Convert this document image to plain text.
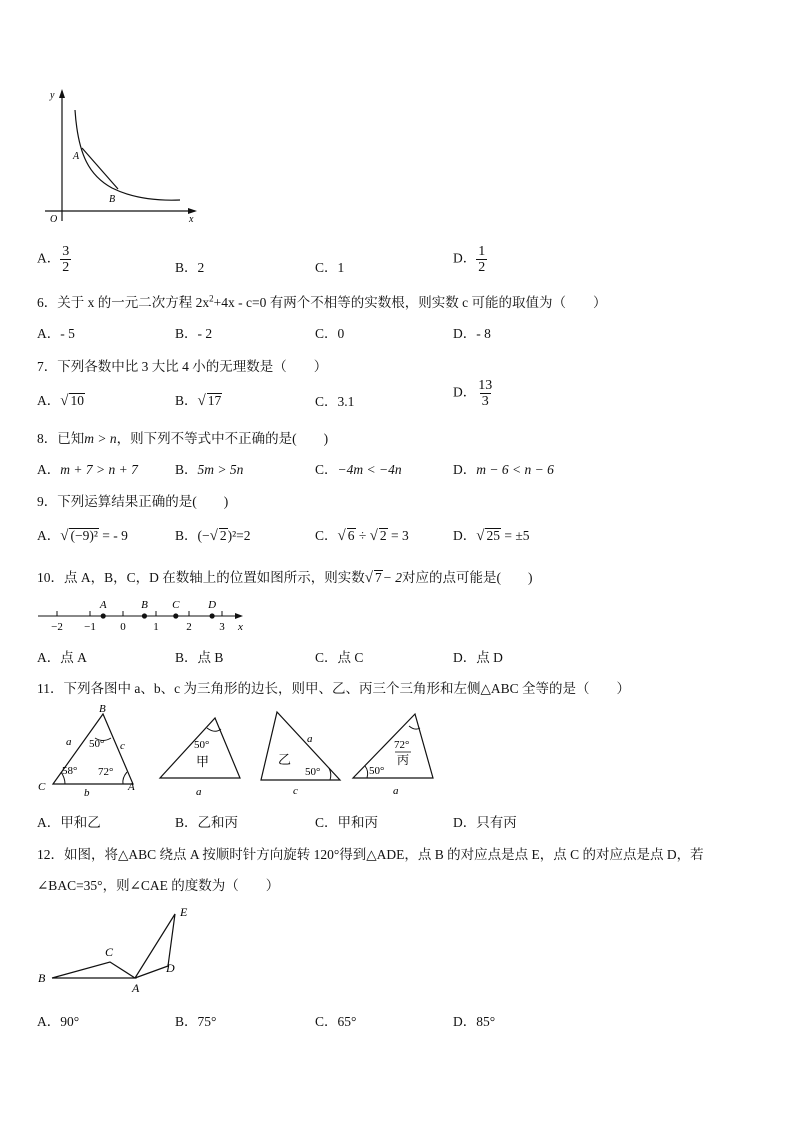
y
x
O
A
B
A． $\frac{3}{2}$	B．2	C．1
D． $\frac{1}{2}$
6．关于 x 的一元二次方程 $2x^2+4x - c=0$ 有两个不相等的实数根，则实数 c 可能的取值为（　　）
A．- 5	B．- 2	C．0	D．- 8
7．下列各数中比 3 大比 4 小的无理数是（　　）
A．√ 10	B．√ 17	C．3.1
D． $\frac{13}{3}$
8．已知m > n，则下列不等式中不正确的是(　　)
A．m + 7 > n + 7	B．5m > 5n	C．−4m < −4n	D．m − 6 < n − 6
9．下列运算结果正确的是(　　)
A．√ (−9)² = - 9	B．(−√ 2)²=2	C．√ 6 ÷ √ 2 = 3	D．√ 25 = ±5
10．点 A，B，C，D 在数轴上的位置如图所示，则实数√ 7− 2对应的点可能是(　　)
−2 −1 0	1	2	3
A	B C	D
x
A．点 A	B．点 B	C．点 C	D．点 D
11．下列各图中 a、b、c 为三角形的边长，则甲、乙、丙三个三角形和左侧△ABC 全等的是（　　）
B
C	A
a	c
b
50°
58° 72°
50°
甲
a
乙
a
50°
c
72°
丙
50°
a
A．甲和乙	B．乙和丙	C．甲和丙	D．只有丙
12．如图，将△ABC 绕点 A 按顺时针方向旋转 120°得到△ADE，点 B 的对应点是点 E，点 C 的对应点是点 D，若
∠BAC=35°，则∠CAE 的度数为（　　）
B
C
A
D
E
A．90°	B．75°	C．65°	D．85°
